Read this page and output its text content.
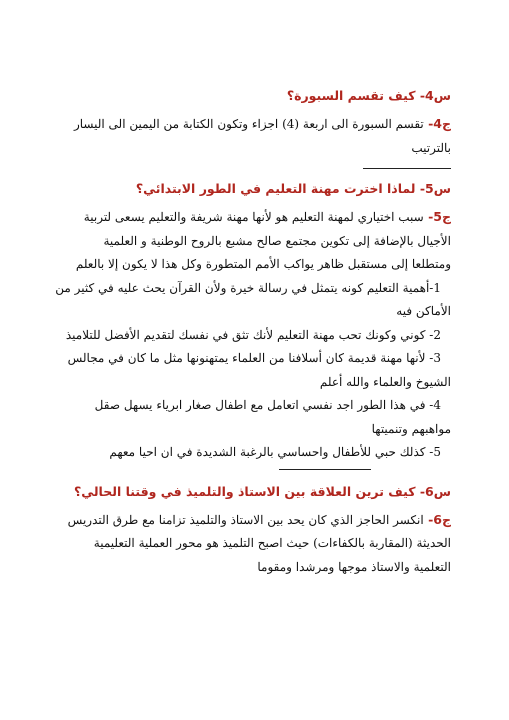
س4- كيف تقسم السبورة؟

ج4- تقسم السبورة الى اربعة (4) اجزاء وتكون الكتابة من اليمين الى اليسار
بالترتيب

س5- لماذا اخترت مهنة التعليم في الطور الابتدائي؟

ج5- سبب اختياري لمهنة التعليم هو لأنها مهنة شريفة والتعليم يسعى لتربية
الأجيال بالإضافة إلى تكوين مجتمع صالح مشبع بالروح الوطنية و العلمية
ومتطلعا إلى مستقبل ظاهر يواكب الأمم المتطورة وكل هذا لا يكون إلا بالعلم
1-أهمية التعليم كونه يتمثل في رسالة خيرة ولأن القرآن يحث عليه في كثير من
الأماكن فيه
2- كوني وكونك تحب مهنة التعليم لأنك تثق في نفسك لتقديم الأفضل للتلاميذ
3- لأنها مهنة قديمة كان أسلافنا من العلماء يمتهنونها مثل ما كان في مجالس
الشيوخ والعلماء والله أعلم
4- في هذا الطور اجد نفسي اتعامل مع اطفال صغار ابرياء يسهل صقل
مواهبهم وتنميتها
5- كذلك حبي للأطفال واحساسي بالرغبة الشديدة في ان احيا معهم

س6- كيف ترين العلاقة بين الاستاذ والتلميذ في وقتنا الحالي؟

ج6- انكسر الحاجز الذي كان يحد بين الاستاذ والتلميذ تزامنا مع طرق التدريس
الحديثة (المقاربة بالكفاءات) حيث اصبح التلميذ هو محور العملية التعليمية
التعلمية والاستاذ موجها ومرشدا ومقوما
